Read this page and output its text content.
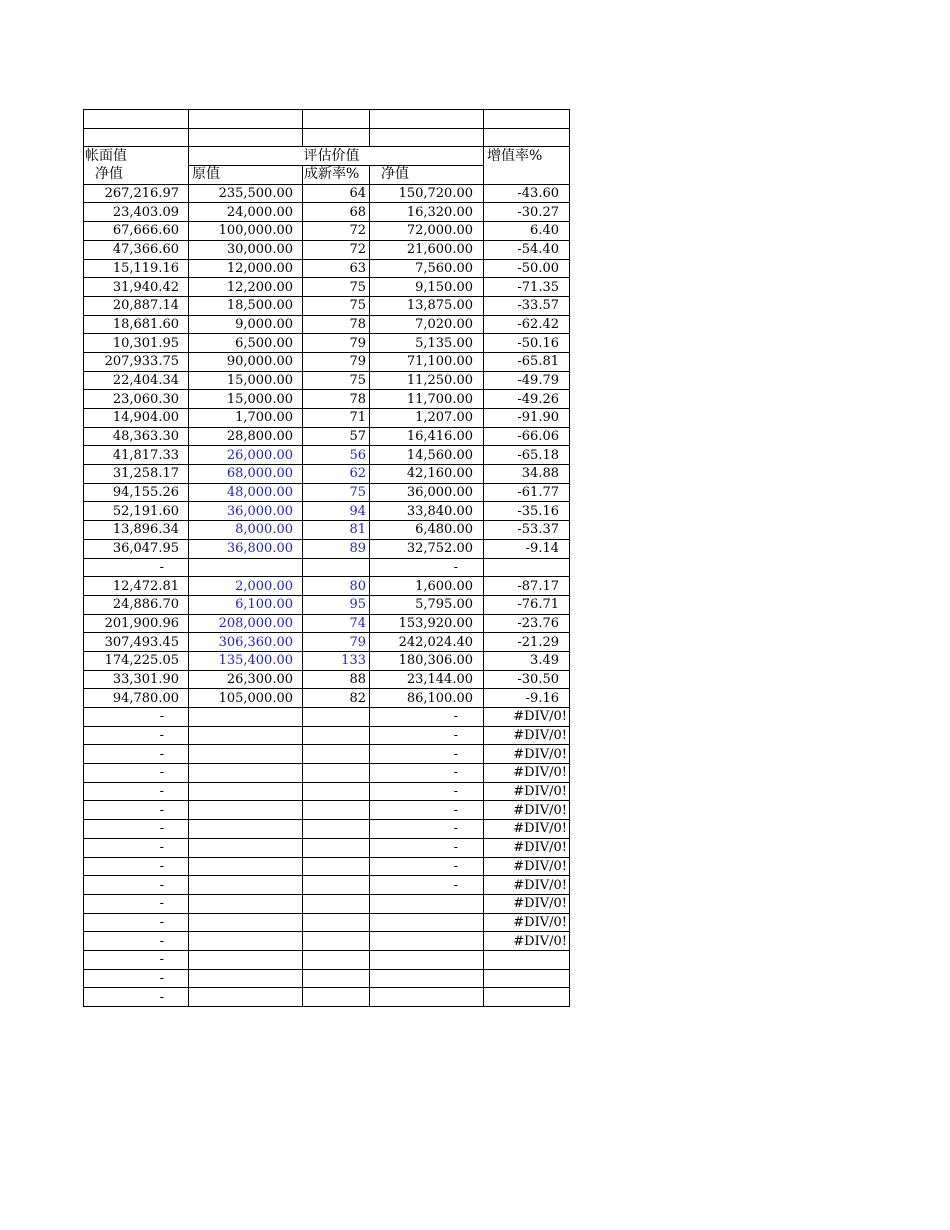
帐面值		评估价值		增值率%
净值	原值	成新率%	净值	
267,216.97	235,500.00	64	150,720.00	-43.60
23,403.09	24,000.00	68	16,320.00	-30.27
67,666.60	100,000.00	72	72,000.00	6.40
47,366.60	30,000.00	72	21,600.00	-54.40
15,119.16	12,000.00	63	7,560.00	-50.00
31,940.42	12,200.00	75	9,150.00	-71.35
20,887.14	18,500.00	75	13,875.00	-33.57
18,681.60	9,000.00	78	7,020.00	-62.42
10,301.95	6,500.00	79	5,135.00	-50.16
207,933.75	90,000.00	79	71,100.00	-65.81
22,404.34	15,000.00	75	11,250.00	-49.79
23,060.30	15,000.00	78	11,700.00	-49.26
14,904.00	1,700.00	71	1,207.00	-91.90
48,363.30	28,800.00	57	16,416.00	-66.06
41,817.33	26,000.00	56	14,560.00	-65.18
31,258.17	68,000.00	62	42,160.00	34.88
94,155.26	48,000.00	75	36,000.00	-61.77
52,191.60	36,000.00	94	33,840.00	-35.16
13,896.34	8,000.00	81	6,480.00	-53.37
36,047.95	36,800.00	89	32,752.00	-9.14
-			-	
12,472.81	2,000.00	80	1,600.00	-87.17
24,886.70	6,100.00	95	5,795.00	-76.71
201,900.96	208,000.00	74	153,920.00	-23.76
307,493.45	306,360.00	79	242,024.40	-21.29
174,225.05	135,400.00	133	180,306.00	3.49
33,301.90	26,300.00	88	23,144.00	-30.50
94,780.00	105,000.00	82	86,100.00	-9.16
-			-	#DIV/0!
-			-	#DIV/0!
-			-	#DIV/0!
-			-	#DIV/0!
-			-	#DIV/0!
-			-	#DIV/0!
-			-	#DIV/0!
-			-	#DIV/0!
-			-	#DIV/0!
-			-	#DIV/0!
-				#DIV/0!
-				#DIV/0!
-				#DIV/0!
-				
-				
-				
